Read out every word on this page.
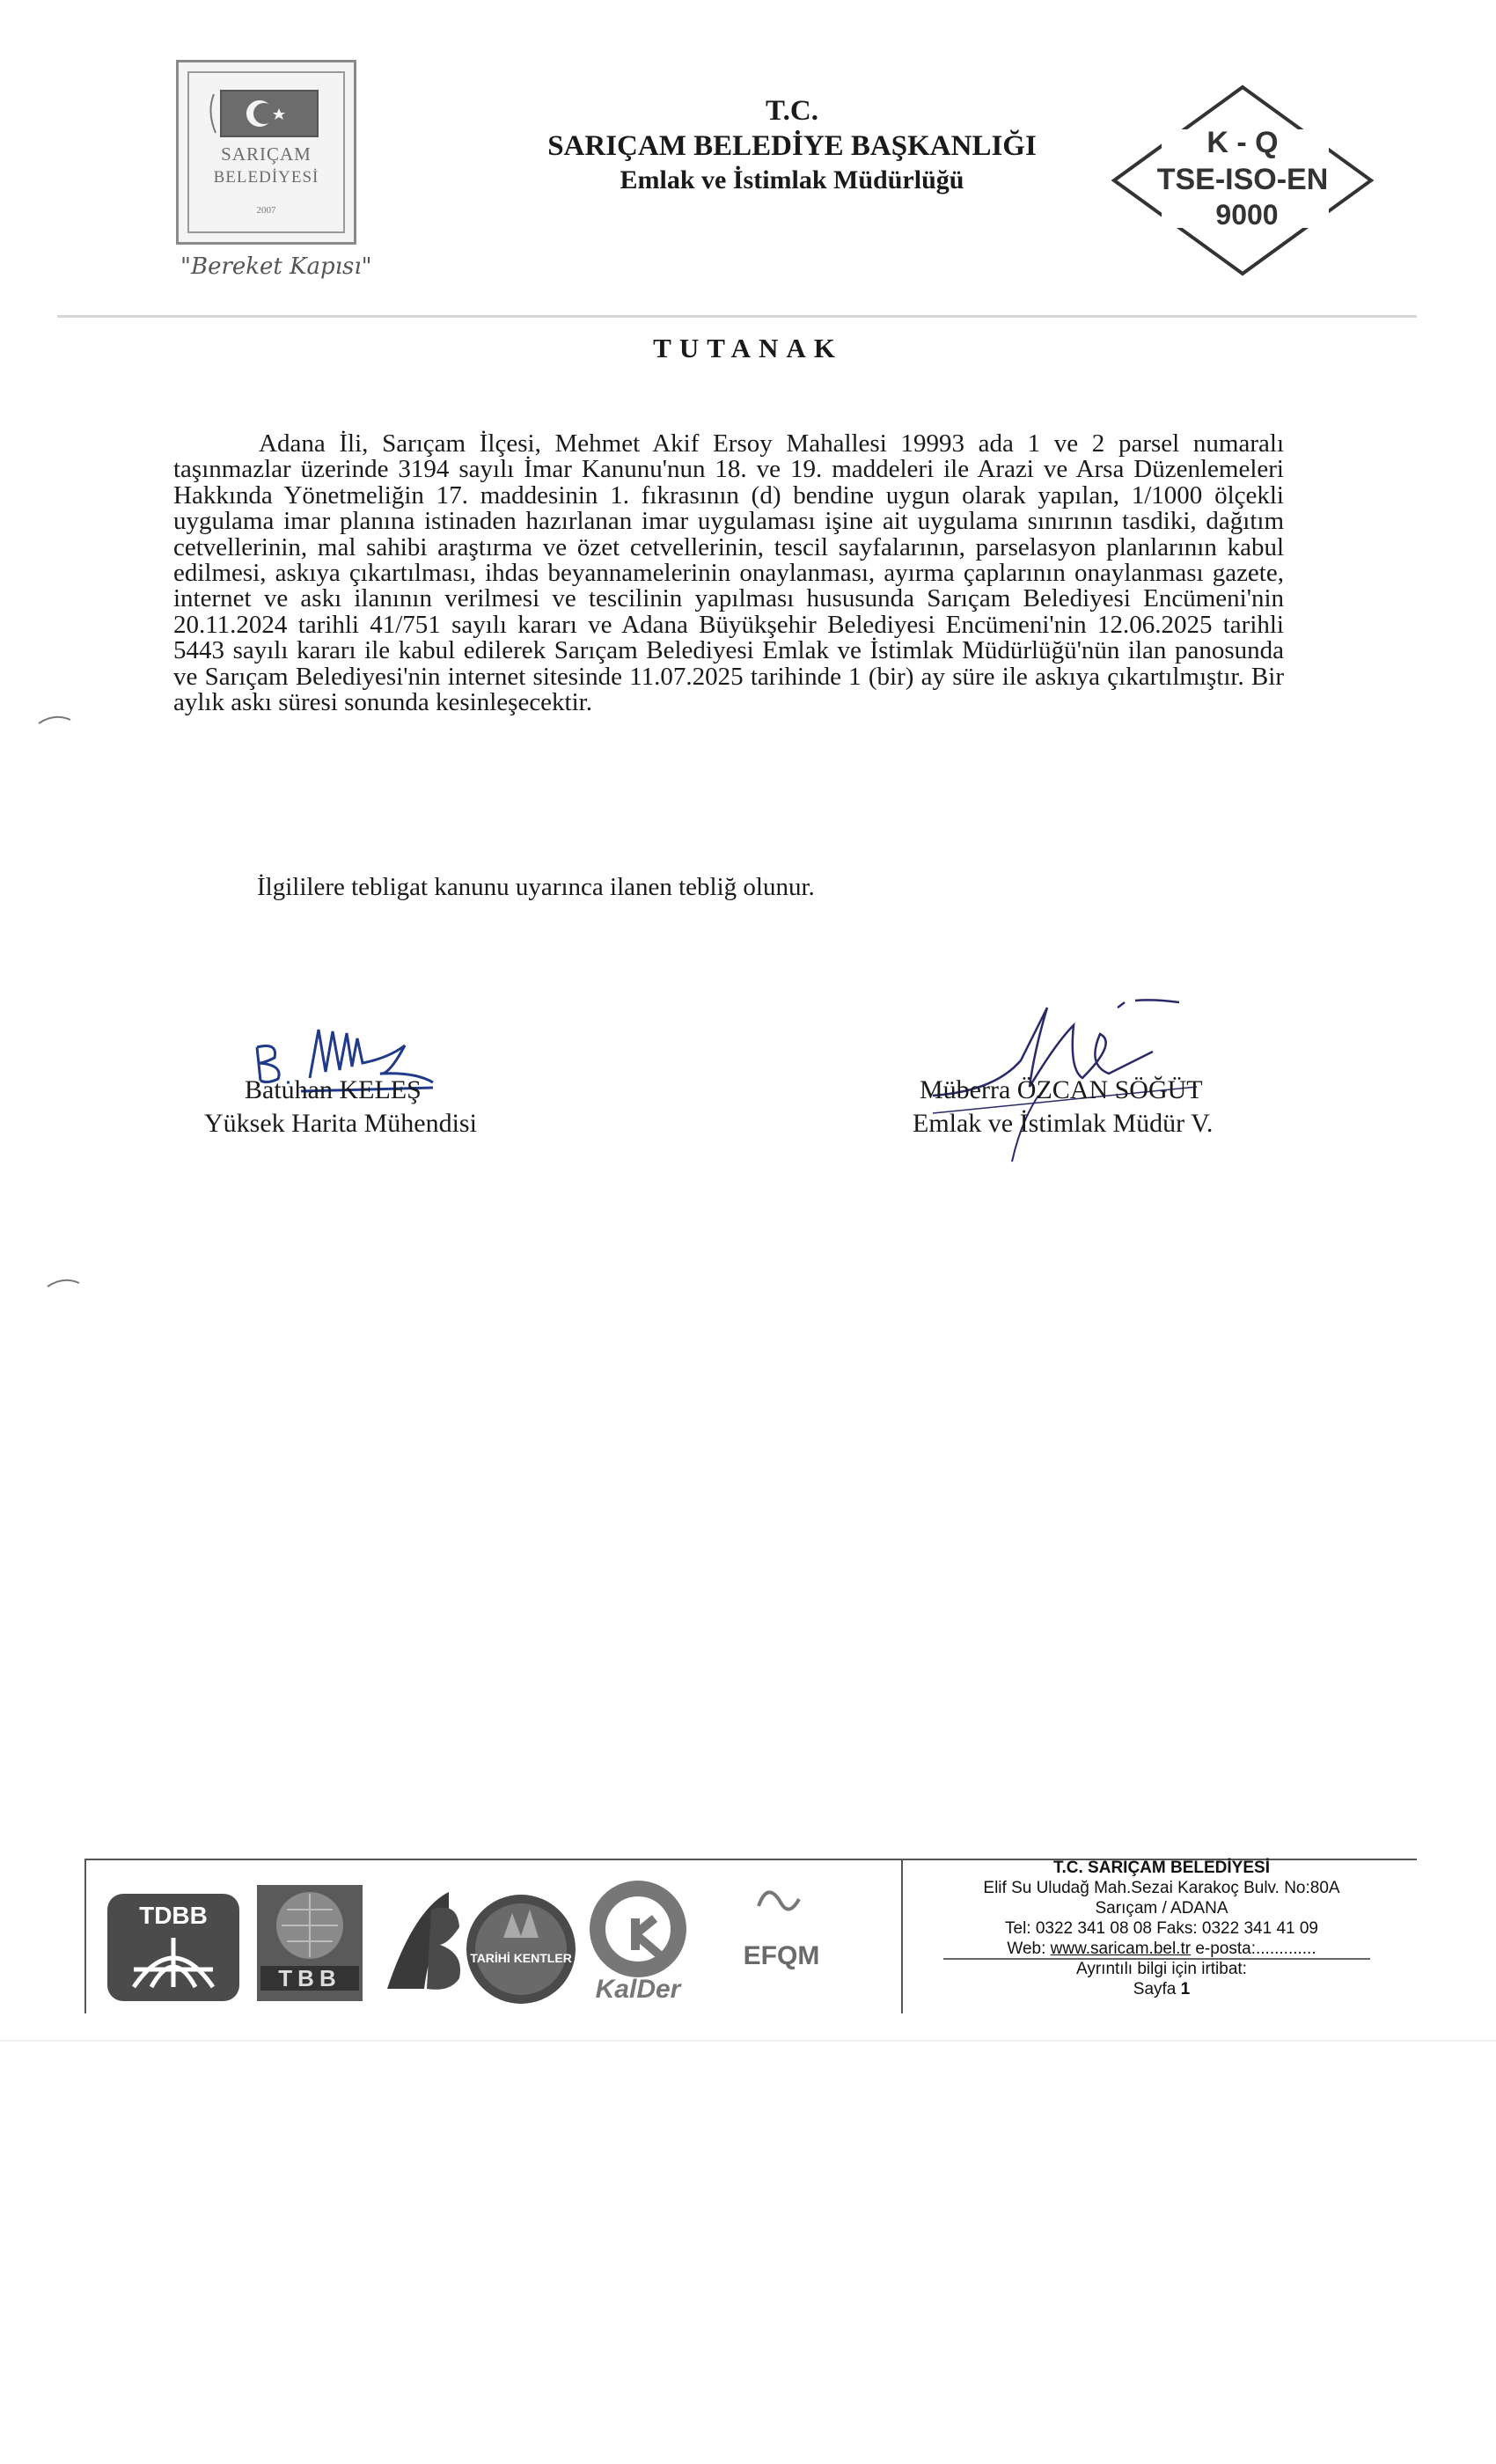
SARIÇAM
BELEDİYESİ
2007
"Bereket Kapısı"
T.C.
SARIÇAM BELEDİYE BAŞKANLIĞI
Emlak ve İstimlak Müdürlüğü
K - Q
TSE-ISO-EN
9000
TUTANAK
Adana İli, Sarıçam İlçesi, Mehmet Akif Ersoy Mahallesi 19993 ada 1 ve 2 parsel numaralı taşınmazlar üzerinde 3194 sayılı İmar Kanunu'nun 18. ve 19. maddeleri ile Arazi ve Arsa Düzenlemeleri Hakkında Yönetmeliğin 17. maddesinin 1. fıkrasının (d) bendine uygun olarak yapılan, 1/1000 ölçekli uygulama imar planına istinaden hazırlanan imar uygulaması işine ait uygulama sınırının tasdiki, dağıtım cetvellerinin, mal sahibi araştırma ve özet cetvellerinin, tescil sayfalarının, parselasyon planlarının kabul edilmesi, askıya çıkartılması, ihdas beyannamelerinin onaylanması, ayırma çaplarının onaylanması gazete, internet ve askı ilanının verilmesi ve tescilinin yapılması hususunda Sarıçam Belediyesi Encümeni'nin 20.11.2024 tarihli 41/751 sayılı kararı ve Adana Büyükşehir Belediyesi Encümeni'nin 12.06.2025 tarihli 5443 sayılı kararı ile kabul edilerek Sarıçam Belediyesi Emlak ve İstimlak Müdürlüğü'nün ilan panosunda ve Sarıçam Belediyesi'nin internet sitesinde 11.07.2025 tarihinde 1 (bir) ay süre ile askıya çıkartılmıştır. Bir aylık askı süresi sonunda kesinleşecektir.
İlgililere tebligat kanunu uyarınca ilanen tebliğ olunur.
Batuhan KELEŞ
Yüksek Harita Mühendisi
Müberra ÖZCAN SÖĞÜT
Emlak ve İstimlak Müdür V.
TDBB
TBB
TARİHİ KENTLER
KalDer
EFQM
T.C. SARIÇAM BELEDİYESİ
Elif Su Uludağ Mah.Sezai Karakoç Bulv. No:80A
Sarıçam / ADANA
Tel: 0322 341 08 08 Faks: 0322 341 41 09
Web: www.saricam.bel.tr e-posta:.............
Ayrıntılı bilgi için irtibat:
Sayfa 1
